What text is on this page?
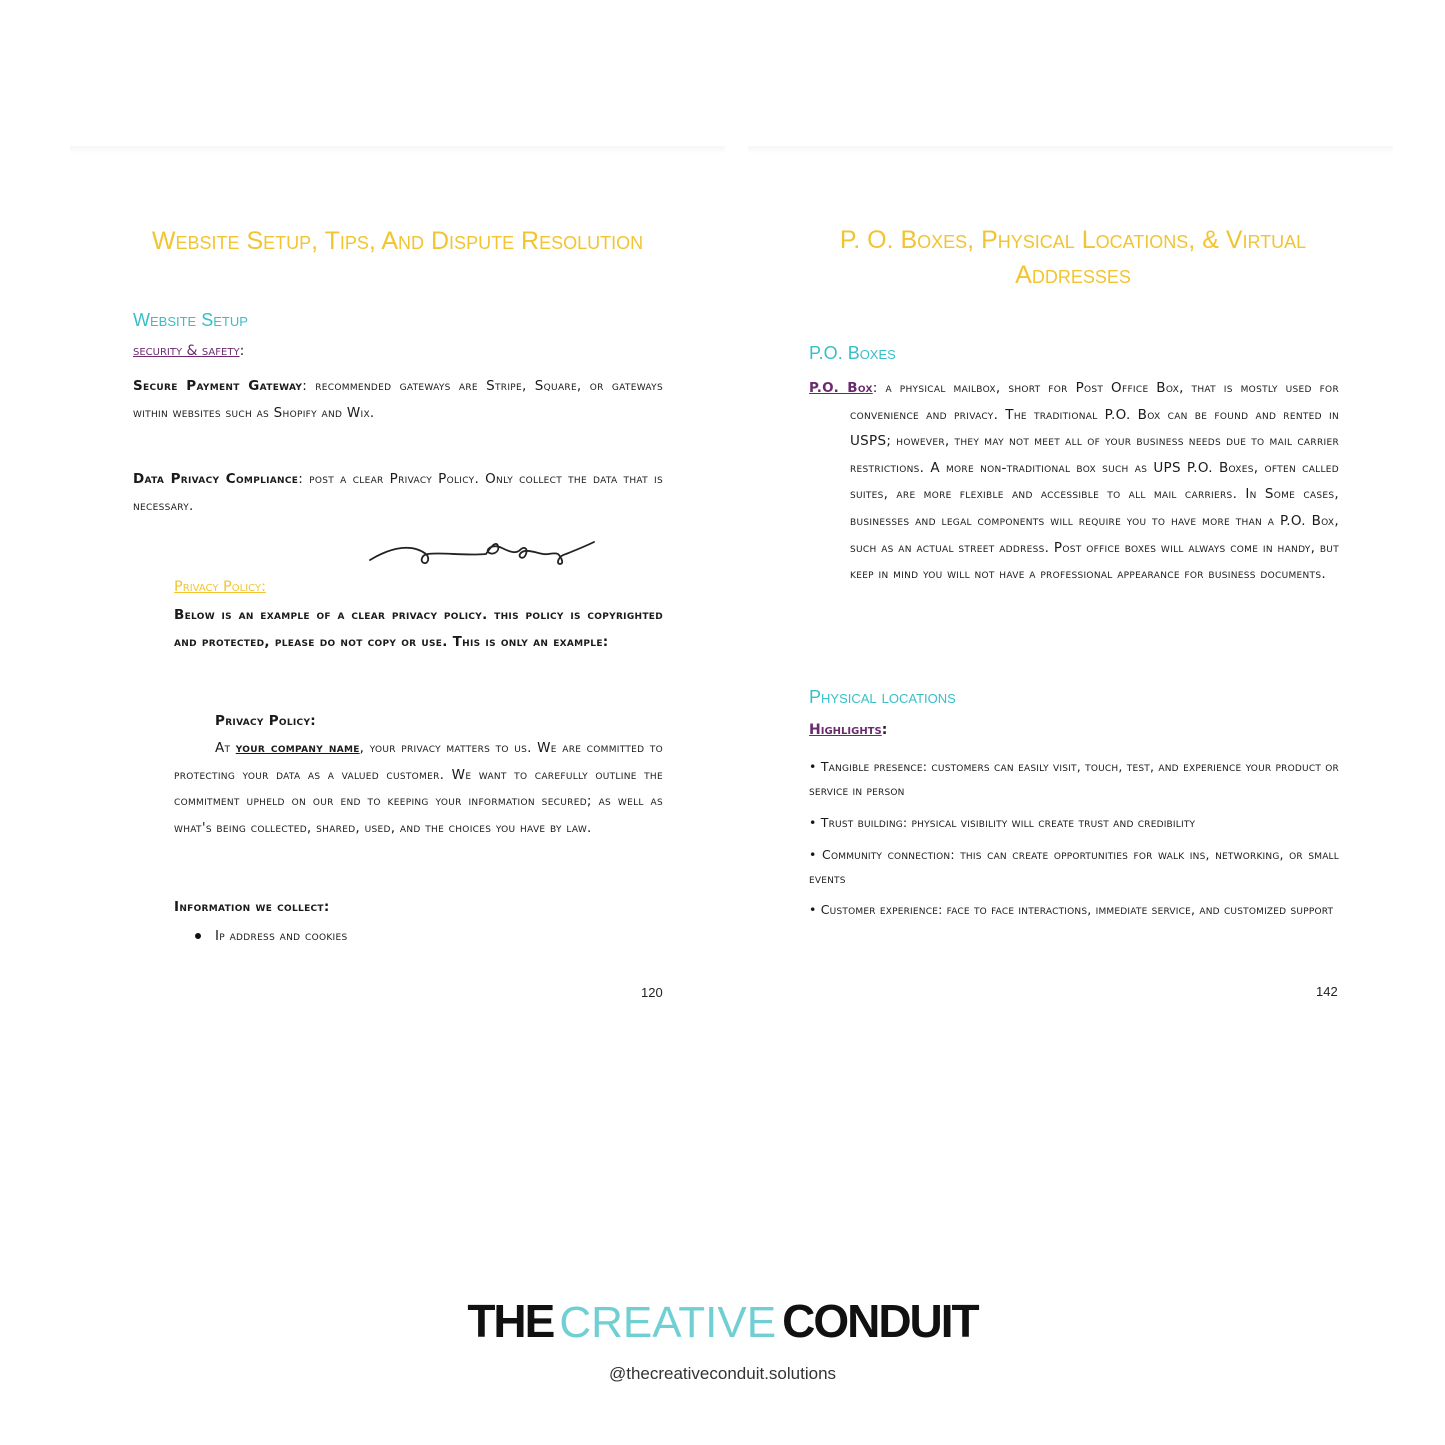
Website Setup, Tips, And Dispute Resolution
Website Setup

security & safety:

Secure Payment Gateway: recommended gateways are Stripe, Square, or gateways within websites such as Shopify and Wix.

Data Privacy Compliance: post a clear Privacy Policy. Only collect the data that is necessary.

Privacy Policy:

Below is an example of a clear privacy policy. this policy is copyrighted and protected, please do not copy or use. This is only an example:

Privacy Policy:

At your company name, your privacy matters to us. We are committed to protecting your data as a valued customer. We want to carefully outline the commitment upheld on our end to keeping your information secured; as well as what's being collected, shared, used, and the choices you have by law.

Information we collect:

Ip address and cookies

120
P. O. Boxes, Physical Locations, & Virtual
Addresses
P.O. Boxes

P.O. Box: a physical mailbox, short for Post Office Box, that is mostly used for convenience and privacy. The traditional P.O. Box can be found and rented in USPS; however, they may not meet all of your business needs due to mail carrier restrictions. A more non-traditional box such as UPS P.O. Boxes, often called suites, are more flexible and accessible to all mail carriers. In Some cases, businesses and legal components will require you to have more than a P.O. Box, such as an actual street address. Post office boxes will always come in handy, but keep in mind you will not have a professional appearance for business documents.

Physical locations

Highlights:

• Tangible presence: customers can easily visit, touch, test, and experience your product or service in person

• Trust building: physical visibility will create trust and credibility

• Community connection: this can create opportunities for walk ins, networking, or small events

• Customer experience: face to face interactions, immediate service, and customized support

142
THE CREATIVE CONDUIT
@thecreativeconduit.solutions
